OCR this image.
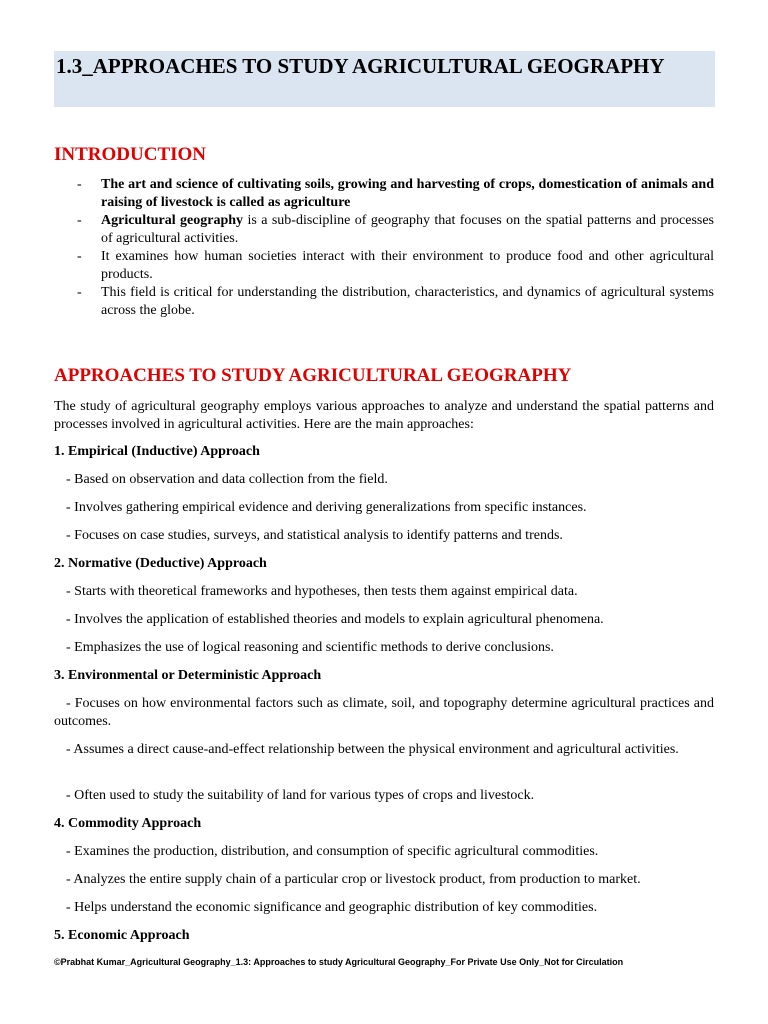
1.3_APPROACHES TO STUDY AGRICULTURAL GEOGRAPHY

INTRODUCTION
- The art and science of cultivating soils, growing and harvesting of crops, domestication of animals and raising of livestock is called as agriculture
- Agricultural geography is a sub-discipline of geography that focuses on the spatial patterns and processes of agricultural activities.
- It examines how human societies interact with their environment to produce food and other agricultural products.
- This field is critical for understanding the distribution, characteristics, and dynamics of agricultural systems across the globe.
APPROACHES TO STUDY AGRICULTURAL GEOGRAPHY

The study of agricultural geography employs various approaches to analyze and understand the spatial patterns and processes involved in agricultural activities. Here are the main approaches:

1. Empirical (Inductive) Approach

- Based on observation and data collection from the field.

- Involves gathering empirical evidence and deriving generalizations from specific instances.

- Focuses on case studies, surveys, and statistical analysis to identify patterns and trends.

2. Normative (Deductive) Approach

- Starts with theoretical frameworks and hypotheses, then tests them against empirical data.

- Involves the application of established theories and models to explain agricultural phenomena.

- Emphasizes the use of logical reasoning and scientific methods to derive conclusions.

3. Environmental or Deterministic Approach

- Focuses on how environmental factors such as climate, soil, and topography determine agricultural practices and outcomes.

- Assumes a direct cause-and-effect relationship between the physical environment and agricultural activities.

- Often used to study the suitability of land for various types of crops and livestock.

4. Commodity Approach

- Examines the production, distribution, and consumption of specific agricultural commodities.

- Analyzes the entire supply chain of a particular crop or livestock product, from production to market.

- Helps understand the economic significance and geographic distribution of key commodities.

5. Economic Approach

©Prabhat Kumar_Agricultural Geography_1.3: Approaches to study Agricultural Geography_For Private Use Only_Not for Circulation
